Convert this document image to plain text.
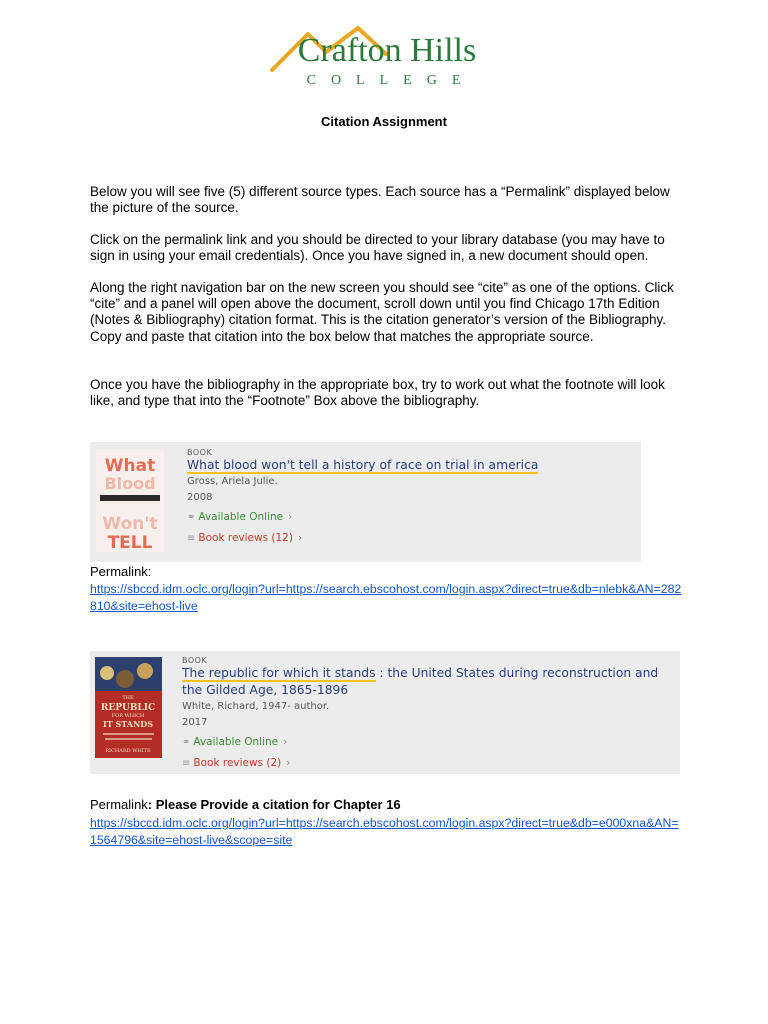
Crafton Hills
COLLEGE
Citation Assignment
Below you will see five (5) different source types. Each source has a “Permalink” displayed below the picture of the source.
Click on the permalink link and you should be directed to your library database (you may have to sign in using your email credentials). Once you have signed in, a new document should open.
Along the right navigation bar on the new screen you should see “cite” as one of the options. Click “cite” and a panel will open above the document, scroll down until you find Chicago 17th Edition (Notes & Bibliography) citation format. This is the citation generator’s version of the Bibliography. Copy and paste that citation into the box below that matches the appropriate source.
Once you have the bibliography in the appropriate box, try to work out what the footnote will look like, and type that into the “Footnote” Box above the bibliography.
What
Blood
Won't
TELL
BOOK
What blood won't tell a history of race on trial in america
Gross, Ariela Julie.
2008
⚭ Available Online ›
≡ Book reviews (12) ›
Permalink:
https://sbccd.idm.oclc.org/login?url=https://search.ebscohost.com/login.aspx?direct=true&db=nlebk&AN=282810&site=ehost-live
THE
REPUBLIC
FOR WHICH
IT STANDS
RICHARD WHITE
BOOK
The republic for which it stands : the United States during reconstruction and the Gilded Age, 1865-1896
White, Richard, 1947- author.
2017
⚭ Available Online ›
≡ Book reviews (2) ›
Permalink: Please Provide a citation for Chapter 16
https://sbccd.idm.oclc.org/login?url=https://search.ebscohost.com/login.aspx?direct=true&db=e000xna&AN=1564796&site=ehost-live&scope=site
